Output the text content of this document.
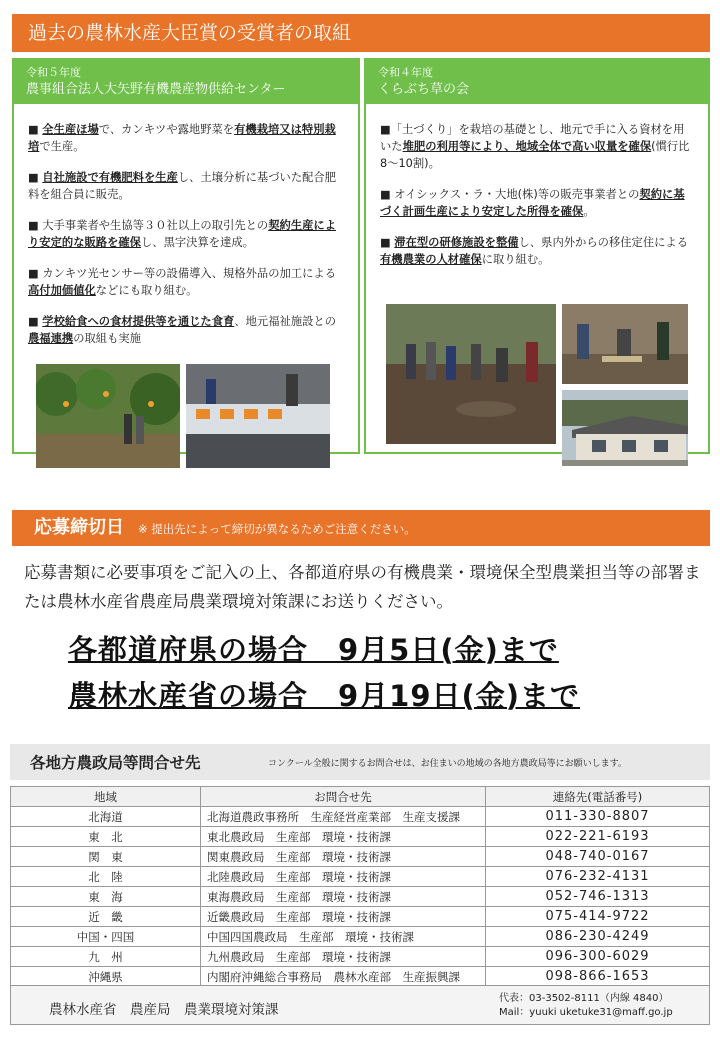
過去の農林水産大臣賞の受賞者の取組
令和５年度
農事組合法人大矢野有機農産物供給センター

■ 全生産ほ場で、カンキツや露地野菜を有機栽培又は特別栽培で生産。

■ 自社施設で有機肥料を生産し、土壌分析に基づいた配合肥料を組合員に販売。

■ 大手事業者や生協等３０社以上の取引先との契約生産により安定的な販路を確保し、黒字決算を達成。

■ カンキツ光センサー等の設備導入、規格外品の加工による高付加価値化などにも取り組む。

■ 学校給食への食材提供等を通じた食育、地元福祉施設との農福連携の取組も実施

令和４年度
くらぶち草の会

■「土づくり」を栽培の基礎とし、地元で手に入る資材を用いた堆肥の利用等により、地域全体で高い収量を確保(慣行比8～10割)。

■ オイシックス・ラ・大地(株)等の販売事業者との契約に基づく計画生産により安定した所得を確保。

■ 滞在型の研修施設を整備し、県内外からの移住定住による有機農業の人材確保に取り組む。

応募締切日 ※ 提出先によって締切が異なるためご注意ください。
応募書類に必要事項をご記入の上、各都道府県の有機農業・環境保全型農業担当等の部署または農林水産省農産局農業環境対策課にお送りください。
各都道府県の場合　9月5日(金)まで
農林水産省の場合　9月19日(金)まで
各地方農政局等問合せ先	コンクール全般に関するお問合せは、お住まいの地域の各地方農政局等にお願いします。
地域	お問合せ先	連絡先(電話番号)
北海道	北海道農政事務所　生産経営産業部　生産支援課	011-330-8807
東　北	東北農政局　生産部　環境・技術課	022-221-6193
関　東	関東農政局　生産部　環境・技術課	048-740-0167
北　陸	北陸農政局　生産部　環境・技術課	076-232-4131
東　海	東海農政局　生産部　環境・技術課	052-746-1313
近　畿	近畿農政局　生産部　環境・技術課	075-414-9722
中国・四国	中国四国農政局　生産部　環境・技術課	086-230-4249
九　州	九州農政局　生産部　環境・技術課	096-300-6029
沖縄県	内閣府沖縄総合事務局　農林水産部　生産振興課	098-866-1653
農林水産省　農産局　農業環境対策課
代表：03-3502-8111（内線 4840）
Mail：yuuki uketuke31@maff.go.jp
